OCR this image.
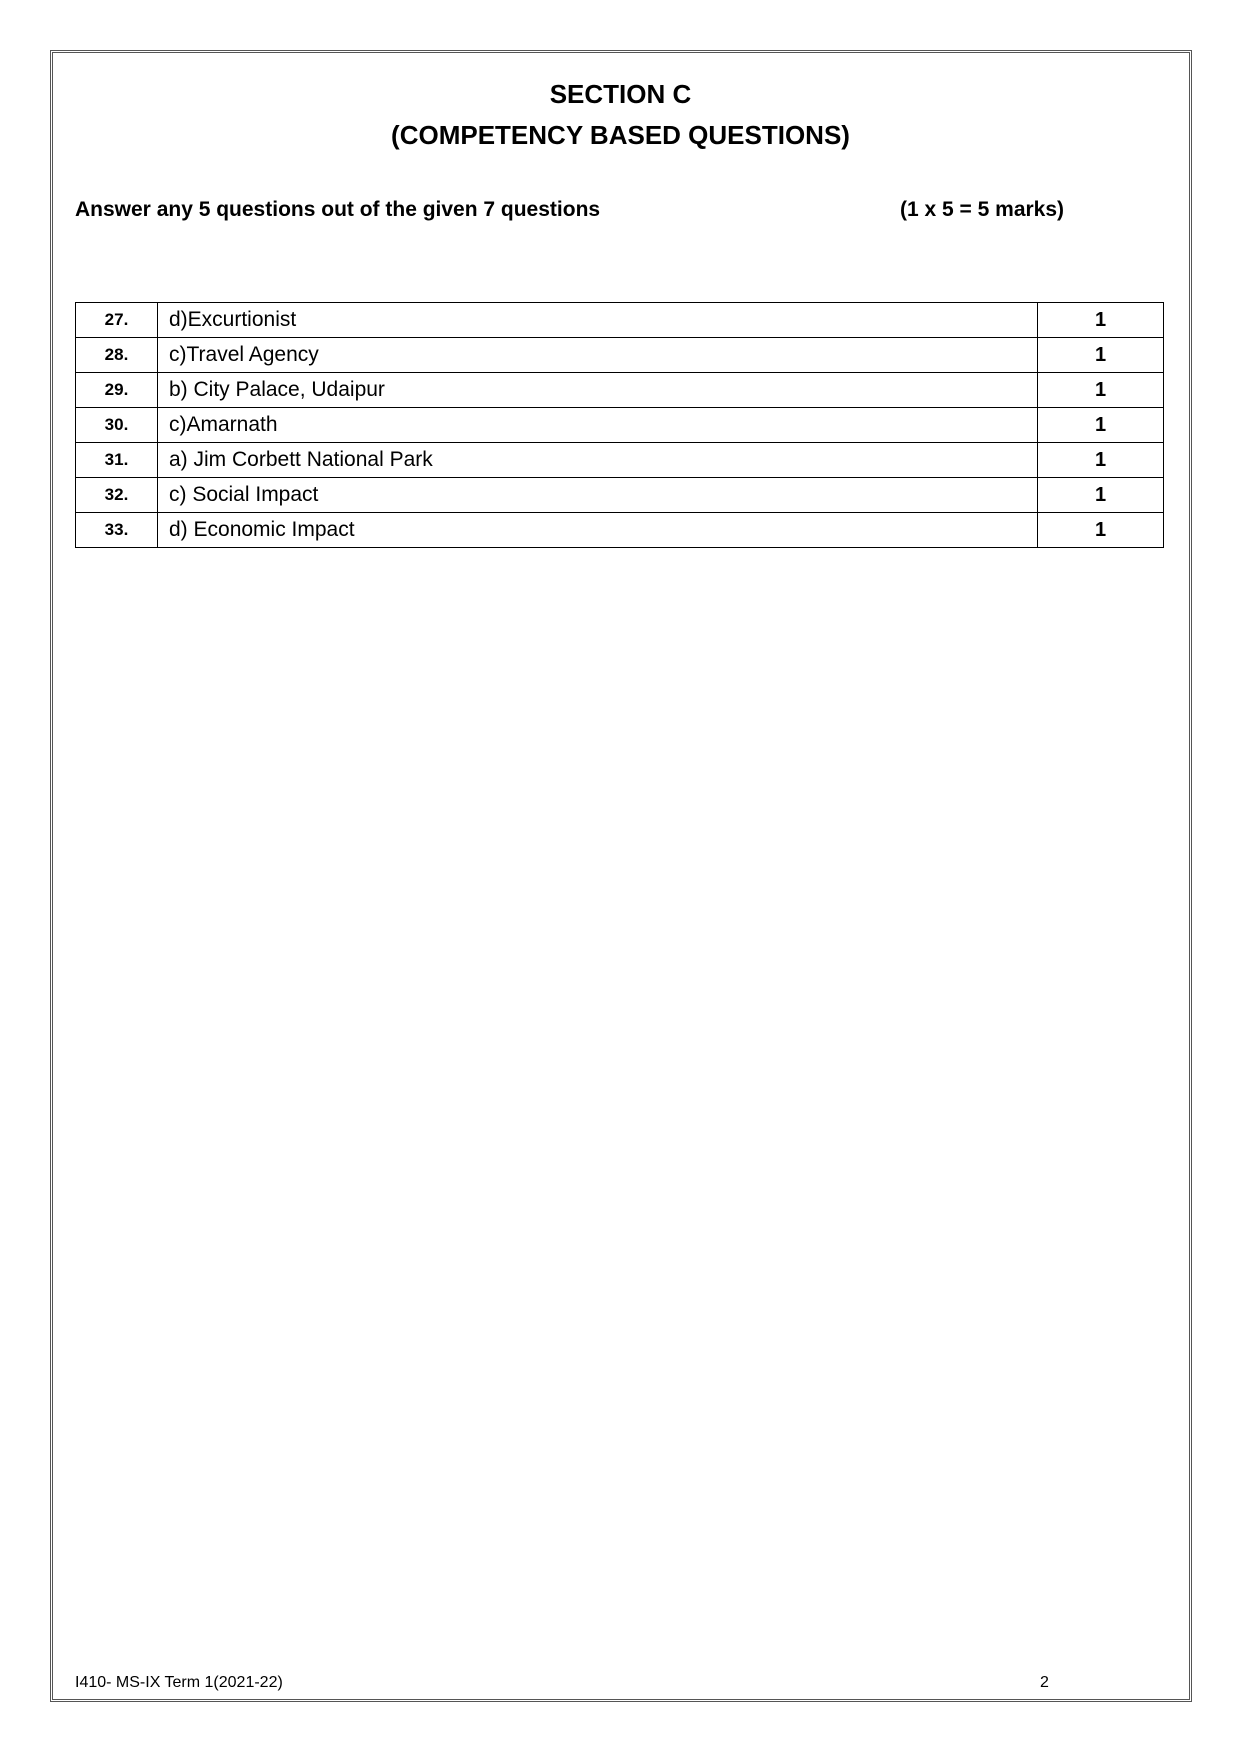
SECTION C
(COMPETENCY BASED QUESTIONS)
Answer any 5 questions out of the given 7 questions	(1 x 5 = 5 marks)
27.	d)Excurtionist	1
28.	c)Travel Agency	1
29.	b) City Palace, Udaipur	1
30.	c)Amarnath	1
31.	a) Jim Corbett National Park	1
32.	c) Social Impact	1
33.	d) Economic Impact	1
I410- MS-IX Term 1(2021-22)	2
